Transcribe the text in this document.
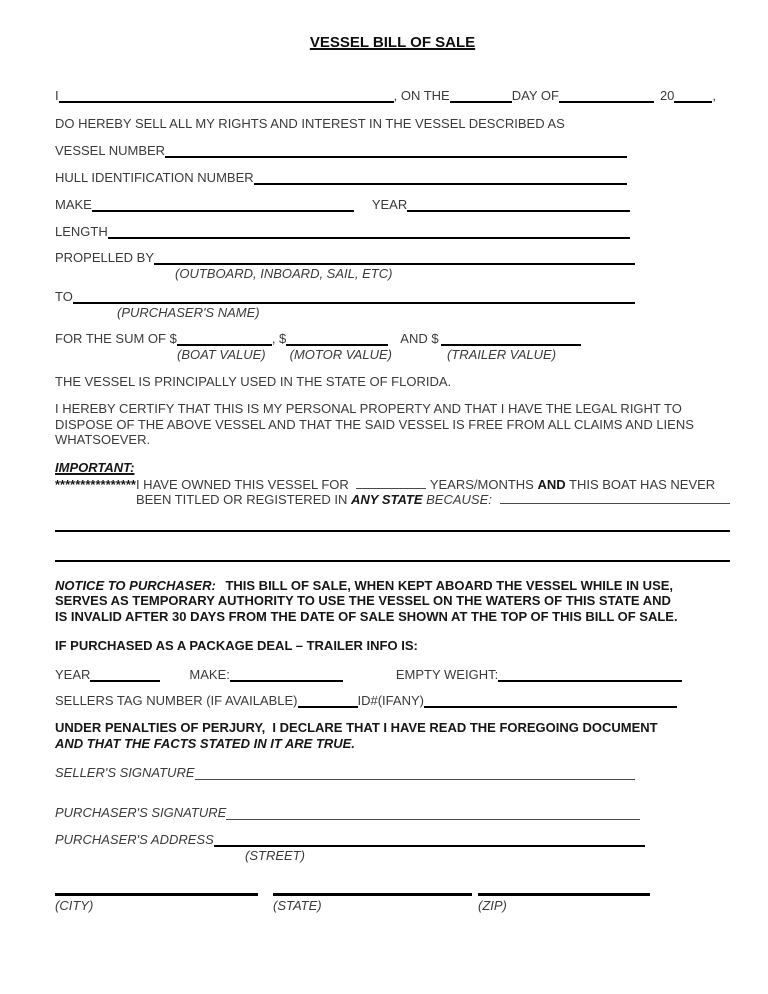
VESSEL BILL OF SALE
I	, ON THE	DAY OF	20	,
DO HEREBY SELL ALL MY RIGHTS AND INTEREST IN THE VESSEL DESCRIBED AS
VESSEL NUMBER
HULL IDENTIFICATION NUMBER
MAKE	YEAR
LENGTH
PROPELLED BY
(OUTBOARD, INBOARD, SAIL, ETC)
TO
(PURCHASER'S NAME)
FOR THE SUM OF $	, $	AND $
(BOAT VALUE) (MOTOR VALUE)	(TRAILER VALUE)
THE VESSEL IS PRINCIPALLY USED IN THE STATE OF FLORIDA.
I HEREBY CERTIFY THAT THIS IS MY PERSONAL PROPERTY AND THAT I HAVE THE LEGAL RIGHT TO DISPOSE OF THE ABOVE VESSEL AND THAT THE SAID VESSEL IS FREE FROM ALL CLAIMS AND LIENS WHATSOEVER.
IMPORTANT:
**************** I HAVE OWNED THIS VESSEL FOR	YEARS/MONTHS AND THIS BOAT HAS NEVER
BEEN TITLED OR REGISTERED IN ANY STATE BECAUSE:
NOTICE TO PURCHASER: THIS BILL OF SALE, WHEN KEPT ABOARD THE VESSEL WHILE IN USE,
SERVES AS TEMPORARY AUTHORITY TO USE THE VESSEL ON THE WATERS OF THIS STATE AND
IS INVALID AFTER 30 DAYS FROM THE DATE OF SALE SHOWN AT THE TOP OF THIS BILL OF SALE.
IF PURCHASED AS A PACKAGE DEAL – TRAILER INFO IS:
YEAR	MAKE:	EMPTY WEIGHT:
SELLERS TAG NUMBER (IF AVAILABLE)	ID#(IFANY)
UNDER PENALTIES OF PERJURY,  I DECLARE THAT I HAVE READ THE FOREGOING DOCUMENT
AND THAT THE FACTS STATED IN IT ARE TRUE.
SELLER'S SIGNATURE
PURCHASER'S SIGNATURE
PURCHASER'S ADDRESS
(STREET)
(CITY)	(STATE)	(ZIP)
